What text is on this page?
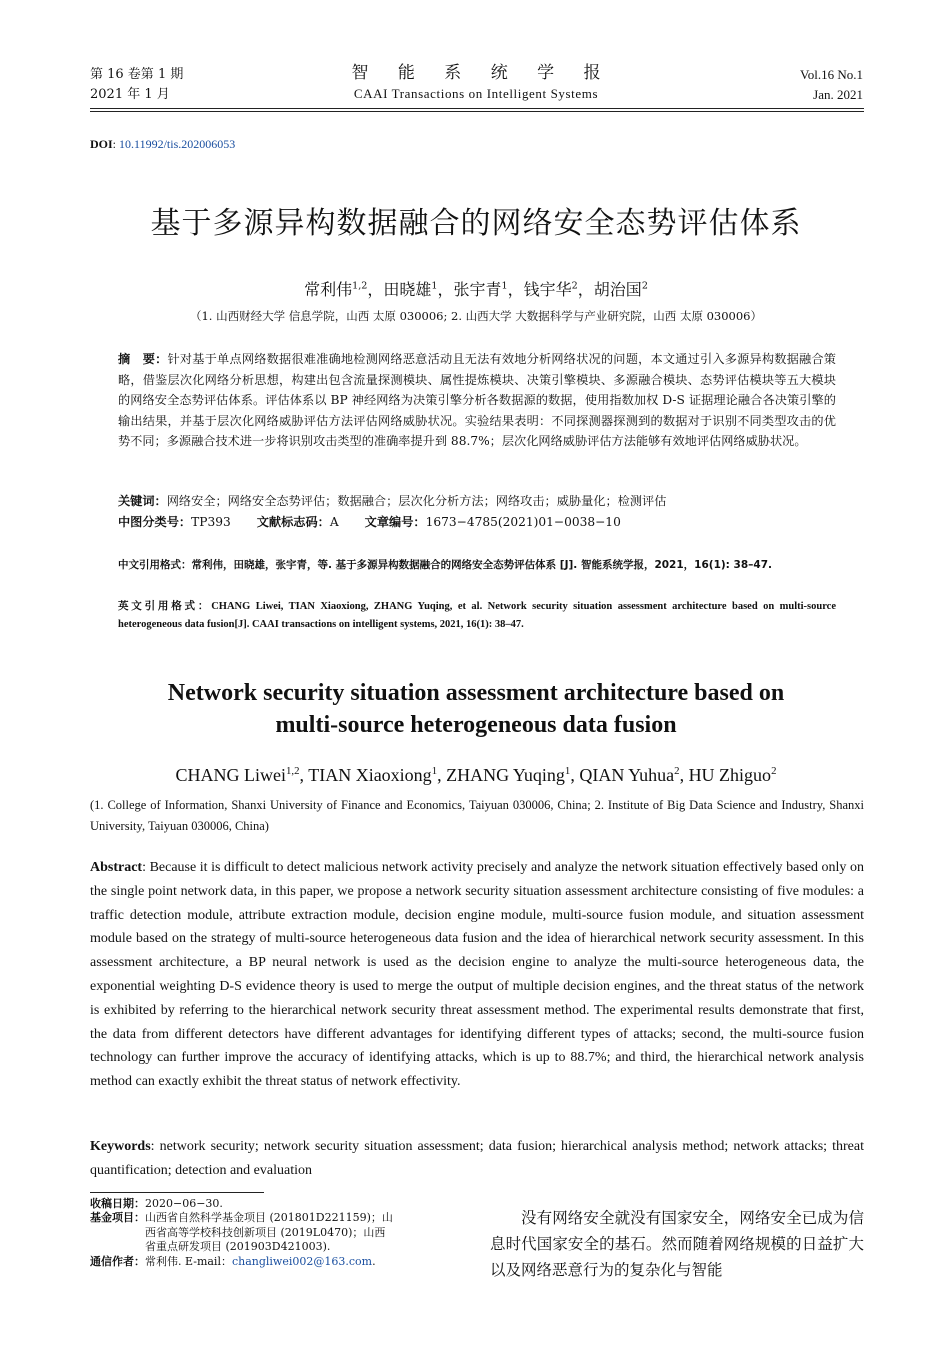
第 16 卷第 1 期
2021 年 1 月
智 能 系 统 学 报
CAAI Transactions on Intelligent Systems
Vol.16 No.1
Jan. 2021
DOI: 10.11992/tis.202006053
基于多源异构数据融合的网络安全态势评估体系
常利伟$^{1,2}$，田晓雄$^1$，张宇青$^1$，钱宇华$^2$，胡治国$^2$
（1. 山西财经大学 信息学院，山西 太原 030006; 2. 山西大学 大数据科学与产业研究院，山西 太原 030006）
摘　要：针对基于单点网络数据很难准确地检测网络恶意活动且无法有效地分析网络状况的问题，本文通过引入多源异构数据融合策略，借鉴层次化网络分析思想，构建出包含流量探测模块、属性提炼模块、决策引擎模块、多源融合模块、态势评估模块等五大模块的网络安全态势评估体系。评估体系以 BP 神经网络为决策引擎分析各数据源的数据，使用指数加权 D-S 证据理论融合各决策引擎的输出结果，并基于层次化网络威胁评估方法评估网络威胁状况。实验结果表明：不同探测器探测到的数据对于识别不同类型攻击的优势不同；多源融合技术进一步将识别攻击类型的准确率提升到 88.7%；层次化网络威胁评估方法能够有效地评估网络威胁状况。
关键词：网络安全；网络安全态势评估；数据融合；层次化分析方法；网络攻击；威胁量化；检测评估
中图分类号：TP393 文献标志码：A 文章编号：1673−4785(2021)01−0038−10
中文引用格式：常利伟，田晓雄，张宇青，等. 基于多源异构数据融合的网络安全态势评估体系 [J]. 智能系统学报，2021，16(1): 38–47.
英文引用格式：CHANG Liwei, TIAN Xiaoxiong, ZHANG Yuqing, et al. Network security situation assessment architecture based on multi-source heterogeneous data fusion[J]. CAAI transactions on intelligent systems, 2021, 16(1): 38–47.
Network security situation assessment architecture based on
multi-source heterogeneous data fusion
CHANG Liwei$^{1,2}$, TIAN Xiaoxiong$^1$, ZHANG Yuqing$^1$, QIAN Yuhua$^2$, HU Zhiguo$^2$
(1. College of Information, Shanxi University of Finance and Economics, Taiyuan 030006, China; 2. Institute of Big Data Science and Industry, Shanxi University, Taiyuan 030006, China)
Abstract: Because it is difficult to detect malicious network activity precisely and analyze the network situation effectively based only on the single point network data, in this paper, we propose a network security situation assessment architecture consisting of five modules: a traffic detection module, attribute extraction module, decision engine module, multi-source fusion module, and situation assessment module based on the strategy of multi-source heterogeneous data fusion and the idea of hierarchical network security assessment. In this assessment architecture, a BP neural network is used as the decision engine to analyze the multi-source heterogeneous data, the exponential weighting D-S evidence theory is used to merge the output of multiple decision engines, and the threat status of the network is exhibited by referring to the hierarchical network security threat assessment method. The experimental results demonstrate that first, the data from different detectors have different advantages for identifying different types of attacks; second, the multi-source fusion technology can further improve the accuracy of identifying attacks, which is up to 88.7%; and third, the hierarchical network analysis method can exactly exhibit the threat status of network effectivity.
Keywords: network security; network security situation assessment; data fusion; hierarchical analysis method; network attacks; threat quantification; detection and evaluation
收稿日期： 2020−06−30.
基金项目： 山西省自然科学基金项目 (201801D221159)；山西省高等学校科技创新项目 (2019L0470)；山西省重点研发项目 (201903D421003).
通信作者： 常利伟. E-mail：changliwei002@163.com.
没有网络安全就没有国家安全，网络安全已成为信息时代国家安全的基石。然而随着网络规模的日益扩大以及网络恶意行为的复杂化与智能
